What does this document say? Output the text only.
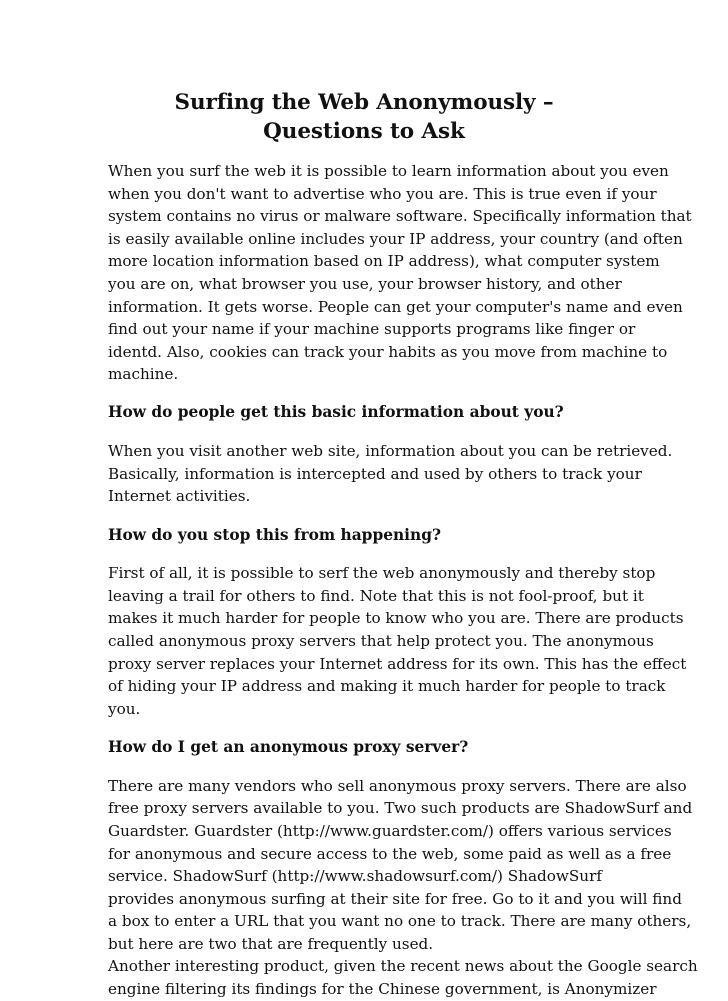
Surfing the Web Anonymously –
Questions to Ask

When you surf the web it is possible to learn information about you even
when you don't want to advertise who you are. This is true even if your
system contains no virus or malware software. Specifically information that
is easily available online includes your IP address, your country (and often
more location information based on IP address), what computer system
you are on, what browser you use, your browser history, and other
information. It gets worse. People can get your computer's name and even
find out your name if your machine supports programs like finger or
identd. Also, cookies can track your habits as you move from machine to
machine.

How do people get this basic information about you?

When you visit another web site, information about you can be retrieved.
Basically, information is intercepted and used by others to track your
Internet activities.

How do you stop this from happening?

First of all, it is possible to serf the web anonymously and thereby stop
leaving a trail for others to find. Note that this is not fool-proof, but it
makes it much harder for people to know who you are. There are products
called anonymous proxy servers that help protect you. The anonymous
proxy server replaces your Internet address for its own. This has the effect
of hiding your IP address and making it much harder for people to track
you.

How do I get an anonymous proxy server?

There are many vendors who sell anonymous proxy servers. There are also
free proxy servers available to you. Two such products are ShadowSurf and
Guardster. Guardster (http://www.guardster.com/) offers various services
for anonymous and secure access to the web, some paid as well as a free
service. ShadowSurf (http://www.shadowsurf.com/) ShadowSurf
provides anonymous surfing at their site for free. Go to it and you will find
a box to enter a URL that you want no one to track. There are many others,
but here are two that are frequently used.
Another interesting product, given the recent news about the Google search
engine filtering its findings for the Chinese government, is Anonymizer
